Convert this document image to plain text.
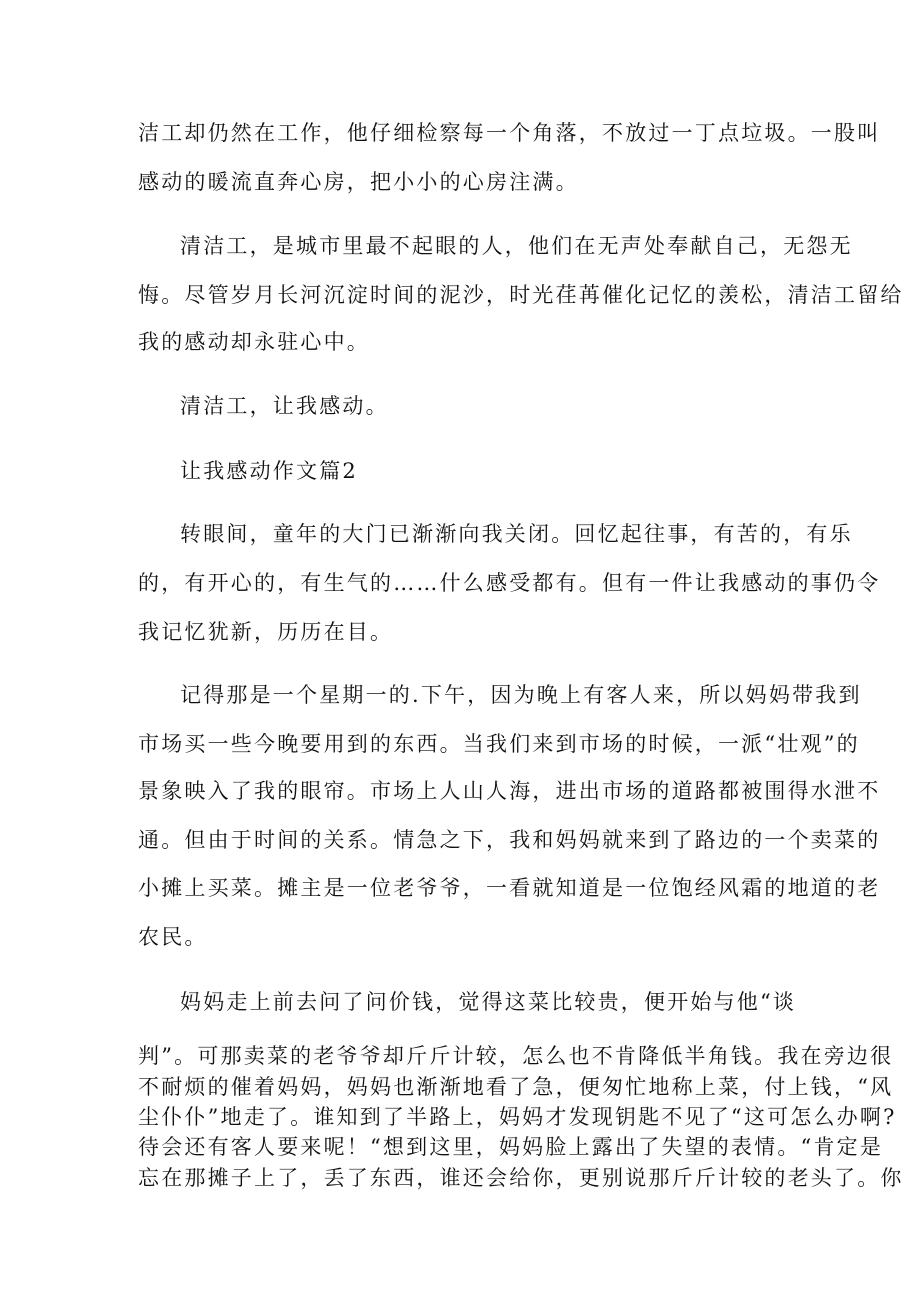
洁工却仍然在工作，他仔细检察每一个角落，不放过一丁点垃圾。一股叫

感动的暖流直奔心房，把小小的心房注满。

清洁工，是城市里最不起眼的人，他们在无声处奉献自己，无怨无

悔。尽管岁月长河沉淀时间的泥沙，时光荏苒催化记忆的羡松，清洁工留给

我的感动却永驻心中。

清洁工，让我感动。

让我感动作文篇2

转眼间，童年的大门已渐渐向我关闭。回忆起往事，有苦的，有乐

的，有开心的，有生气的……什么感受都有。但有一件让我感动的事仍令

我记忆犹新，历历在目。

记得那是一个星期一的.下午，因为晚上有客人来，所以妈妈带我到

市场买一些今晚要用到的东西。当我们来到市场的时候，一派“壮观”的

景象映入了我的眼帘。市场上人山人海，进出市场的道路都被围得水泄不

通。但由于时间的关系。情急之下，我和妈妈就来到了路边的一个卖菜的

小摊上买菜。摊主是一位老爷爷，一看就知道是一位饱经风霜的地道的老

农民。

妈妈走上前去问了问价钱，觉得这菜比较贵，便开始与他“谈

判”。可那卖菜的老爷爷却斤斤计较，怎么也不肯降低半角钱。我在旁边很

不耐烦的催着妈妈，妈妈也渐渐地看了急，便匆忙地称上菜，付上钱，“风

尘仆仆”地走了。谁知到了半路上，妈妈才发现钥匙不见了“这可怎么办啊?

待会还有客人要来呢！“想到这里，妈妈脸上露出了失望的表情。“肯定是

忘在那摊子上了，丢了东西，谁还会给你，更别说那斤斤计较的老头了。你
